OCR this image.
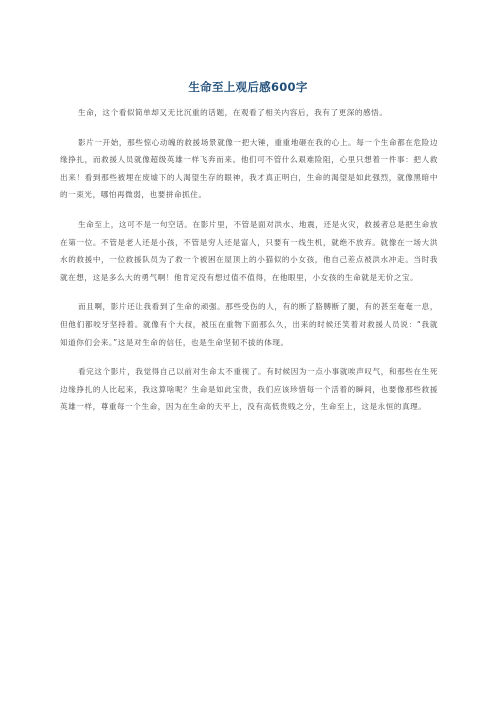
生命至上观后感600字

生命，这个看似简单却又无比沉重的话题，在观看了相关内容后，我有了更深的感悟。

影片一开始，那些惊心动魄的救援场景就像一把大锤，重重地砸在我的心上。每一个生命都在危险边缘挣扎，而救援人员就像超级英雄一样飞奔而来。他们可不管什么艰难险阻，心里只想着一件事：把人救出来！看到那些被埋在废墟下的人渴望生存的眼神，我才真正明白，生命的渴望是如此强烈，就像黑暗中的一束光，哪怕再微弱，也要拼命抓住。

生命至上，这可不是一句空话。在影片里，不管是面对洪水、地震，还是火灾，救援者总是把生命放在第一位。不管是老人还是小孩，不管是穷人还是富人，只要有一线生机，就绝不放弃。就像在一场大洪水的救援中，一位救援队员为了救一个被困在屋顶上的小猫似的小女孩，他自己差点被洪水冲走。当时我就在想，这是多么大的勇气啊！他肯定没有想过值不值得，在他眼里，小女孩的生命就是无价之宝。

而且啊，影片还让我看到了生命的顽强。那些受伤的人，有的断了胳膊断了腿，有的甚至奄奄一息，但他们都咬牙坚持着。就像有个大叔，被压在重物下面那么久，出来的时候还笑着对救援人员说：“我就知道你们会来。”这是对生命的信任，也是生命坚韧不拔的体现。

看完这个影片，我觉得自己以前对生命太不重视了。有时候因为一点小事就唉声叹气，和那些在生死边缘挣扎的人比起来，我这算啥呢？生命是如此宝贵，我们应该珍惜每一个活着的瞬间，也要像那些救援英雄一样，尊重每一个生命，因为在生命的天平上，没有高低贵贱之分，生命至上，这是永恒的真理。
